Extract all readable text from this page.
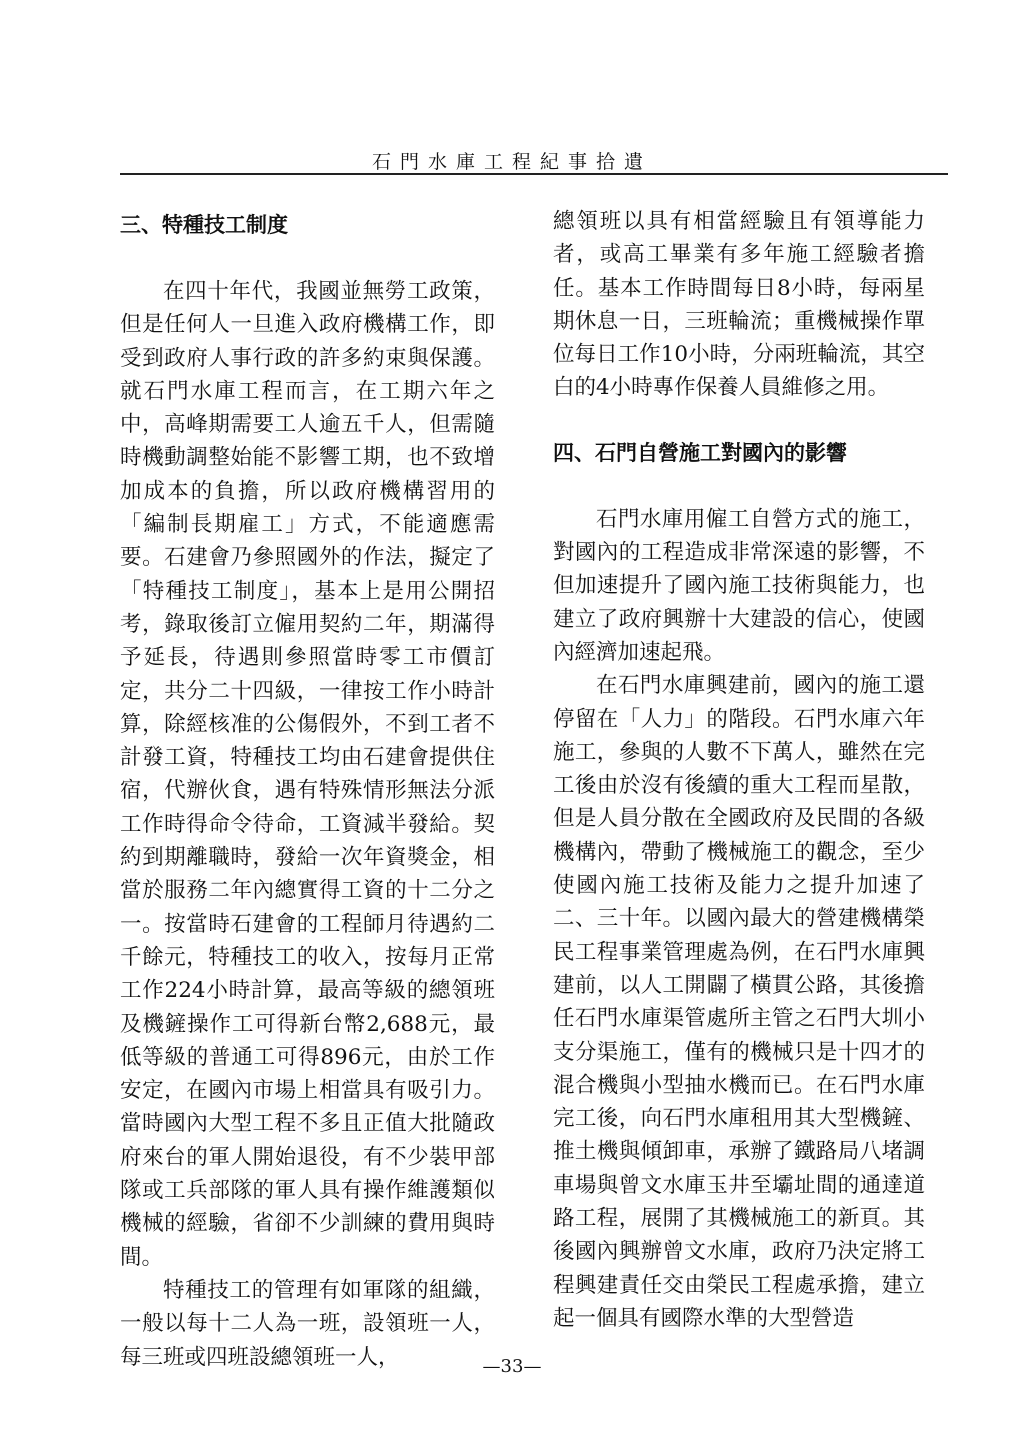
石門水庫工程紀事拾遺
三、特種技工制度

在四十年代，我國並無勞工政策，但是任何人一旦進入政府機構工作，即受到政府人事行政的許多約束與保護。就石門水庫工程而言，在工期六年之中，高峰期需要工人逾五千人，但需隨時機動調整始能不影響工期，也不致增加成本的負擔，所以政府機構習用的「編制長期雇工」方式，不能適應需要。石建會乃參照國外的作法，擬定了「特種技工制度」，基本上是用公開招考，錄取後訂立僱用契約二年，期滿得予延長，待遇則參照當時零工市價訂定，共分二十四級，一律按工作小時計算，除經核准的公傷假外，不到工者不計發工資，特種技工均由石建會提供住宿，代辦伙食，遇有特殊情形無法分派工作時得命令待命，工資減半發給。契約到期離職時，發給一次年資獎金，相當於服務二年內總實得工資的十二分之一。按當時石建會的工程師月待遇約二千餘元，特種技工的收入，按每月正常工作224小時計算，最高等級的總領班及機鏟操作工可得新台幣2,688元，最低等級的普通工可得896元，由於工作安定，在國內市場上相當具有吸引力。當時國內大型工程不多且正值大批隨政府來台的軍人開始退役，有不少裝甲部隊或工兵部隊的軍人具有操作維護類似機械的經驗，省卻不少訓練的費用與時間。

特種技工的管理有如軍隊的組織，一般以每十二人為一班，設領班一人，每三班或四班設總領班一人，

總領班以具有相當經驗且有領導能力者，或高工畢業有多年施工經驗者擔任。基本工作時間每日8小時，每兩星期休息一日，三班輪流；重機械操作單位每日工作10小時，分兩班輪流，其空白的4小時專作保養人員維修之用。

四、石門自營施工對國內的影響

石門水庫用僱工自營方式的施工，對國內的工程造成非常深遠的影響，不但加速提升了國內施工技術與能力，也建立了政府興辦十大建設的信心，使國內經濟加速起飛。

在石門水庫興建前，國內的施工還停留在「人力」的階段。石門水庫六年施工，參與的人數不下萬人，雖然在完工後由於沒有後續的重大工程而星散，但是人員分散在全國政府及民間的各級機構內，帶動了機械施工的觀念，至少使國內施工技術及能力之提升加速了二、三十年。以國內最大的營建機構榮民工程事業管理處為例，在石門水庫興建前，以人工開闢了橫貫公路，其後擔任石門水庫渠管處所主管之石門大圳小支分渠施工，僅有的機械只是十四才的混合機與小型抽水機而已。在石門水庫完工後，向石門水庫租用其大型機鏟、推土機與傾卸車，承辦了鐵路局八堵調車場與曾文水庫玉井至壩址間的通達道路工程，展開了其機械施工的新頁。其後國內興辦曾文水庫，政府乃決定將工程興建責任交由榮民工程處承擔，建立起一個具有國際水準的大型營造

—33—
